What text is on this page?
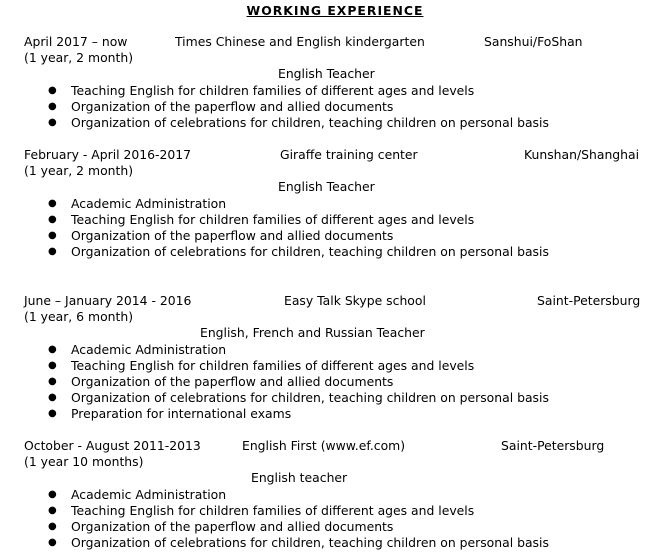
WORKING EXPERIENCE
April 2017 – now	Times Chinese and English kindergarten	Sanshui/FoShan
(1 year, 2 month)
English Teacher
● Teaching English for children families of different ages and levels
● Organization of the paperflow and allied documents
● Organization of celebrations for children, teaching children on personal basis
February - April 2016-2017	Giraffe training center	Kunshan/Shanghai
(1 year, 2 month)
English Teacher
● Academic Administration
● Teaching English for children families of different ages and levels
● Organization of the paperflow and allied documents
● Organization of celebrations for children, teaching children on personal basis
June – January 2014 - 2016	Easy Talk Skype school	Saint-Petersburg
(1 year, 6 month)
English, French and Russian Teacher
● Academic Administration
● Teaching English for children families of different ages and levels
● Organization of the paperflow and allied documents
● Organization of celebrations for children, teaching children on personal basis
● Preparation for international exams
October - August 2011-2013	English First (www.ef.com)	Saint-Petersburg
(1 year 10 months)
English teacher
● Academic Administration
● Teaching English for children families of different ages and levels
● Organization of the paperflow and allied documents
● Organization of celebrations for children, teaching children on personal basis
